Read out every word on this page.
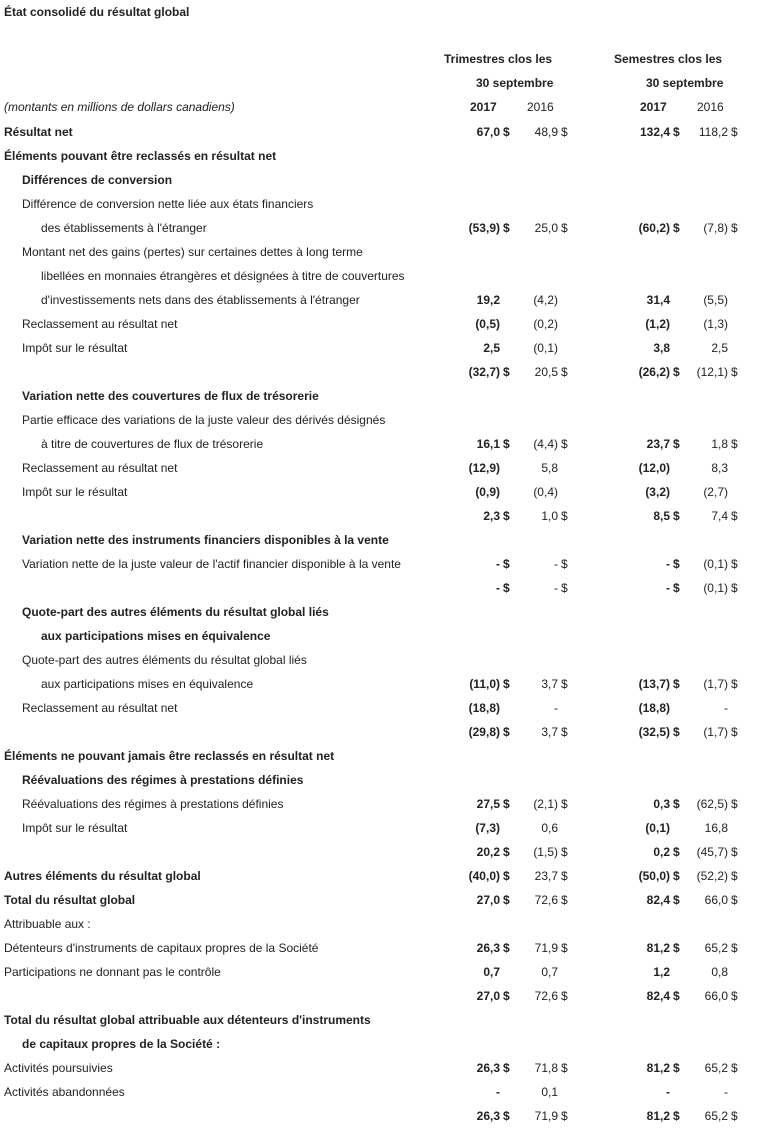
État consolidé du résultat global
Trimestres clos les
30 septembre
Semestres clos les
30 septembre
2017	2016	2017	2016
(montants en millions de dollars canadiens)
Résultat net	67,0 $	48,9 $	132,4 $	118,2 $
Éléments pouvant être reclassés en résultat net
Différences de conversion
Différence de conversion nette liée aux états financiers
des établissements à l'étranger	(53,9) $	25,0 $	(60,2) $	(7,8) $
Montant net des gains (pertes) sur certaines dettes à long terme
libellées en monnaies étrangères et désignées à titre de couvertures
d'investissements nets dans des établissements à l'étranger	19,2	(4,2)	31,4	(5,5)
Reclassement au résultat net	(0,5)	(0,2)	(1,2)	(1,3)
Impôt sur le résultat	2,5	(0,1)	3,8	2,5
(32,7) $	20,5 $	(26,2) $	(12,1) $
Variation nette des couvertures de flux de trésorerie
Partie efficace des variations de la juste valeur des dérivés désignés
à titre de couvertures de flux de trésorerie	16,1 $	(4,4) $	23,7 $	1,8 $
Reclassement au résultat net	(12,9)	5,8	(12,0)	8,3
Impôt sur le résultat	(0,9)	(0,4)	(3,2)	(2,7)
2,3 $	1,0 $	8,5 $	7,4 $
Variation nette des instruments financiers disponibles à la vente
Variation nette de la juste valeur de l'actif financier disponible à la vente	- $	- $	- $	(0,1) $
- $	- $	- $	(0,1) $
Quote-part des autres éléments du résultat global liés
aux participations mises en équivalence
Quote-part des autres éléments du résultat global liés
aux participations mises en équivalence	(11,0) $	3,7 $	(13,7) $	(1,7) $
Reclassement au résultat net	(18,8)	-	(18,8)	-
(29,8) $	3,7 $	(32,5) $	(1,7) $
Éléments ne pouvant jamais être reclassés en résultat net
Réévaluations des régimes à prestations définies
Réévaluations des régimes à prestations définies	27,5 $	(2,1) $	0,3 $	(62,5) $
Impôt sur le résultat	(7,3)	0,6	(0,1)	16,8
20,2 $	(1,5) $	0,2 $	(45,7) $
Autres éléments du résultat global	(40,0) $	23,7 $	(50,0) $	(52,2) $
Total du résultat global	27,0 $	72,6 $	82,4 $	66,0 $
Attribuable aux :
Détenteurs d'instruments de capitaux propres de la Société	26,3 $	71,9 $	81,2 $	65,2 $
Participations ne donnant pas le contrôle	0,7	0,7	1,2	0,8
27,0 $	72,6 $	82,4 $	66,0 $
Total du résultat global attribuable aux détenteurs d'instruments
de capitaux propres de la Société :
Activités poursuivies	26,3 $	71,8 $	81,2 $	65,2 $
Activités abandonnées	-	0,1	-	-
26,3 $	71,9 $	81,2 $	65,2 $
